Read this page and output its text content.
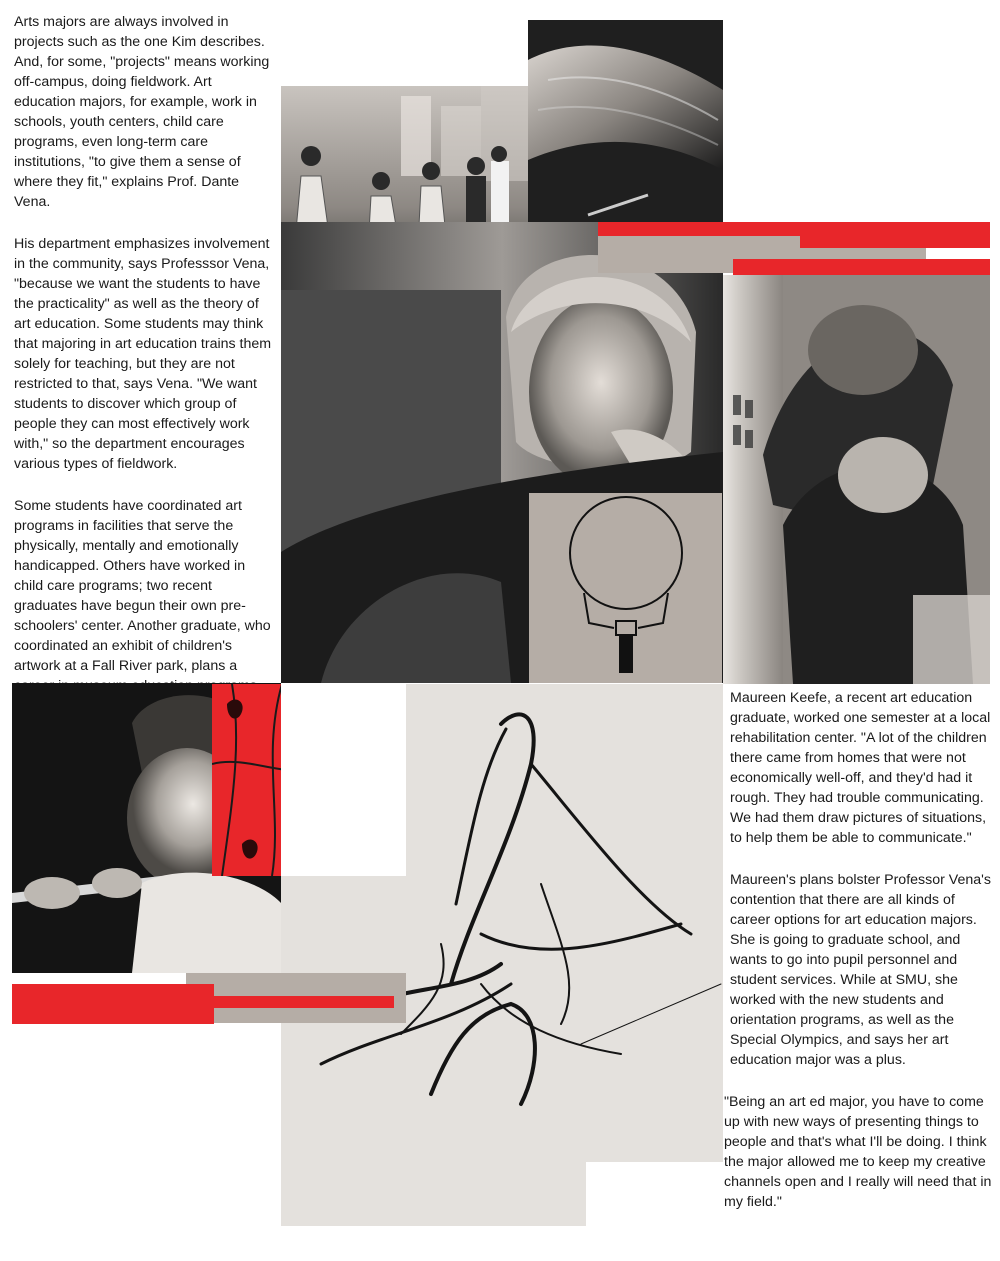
Arts majors are always involved in projects such as the one Kim describes. And, for some, "projects" means working off-campus, doing fieldwork. Art education majors, for example, work in schools, youth centers, child care programs, even long-term care institutions, "to give them a sense of where they fit," explains Prof. Dante Vena.

His department emphasizes involvement in the community, says Professsor Vena, "because we want the students to have the practicality" as well as the theory of art education. Some students may think that majoring in art education trains them solely for teaching, but they are not restricted to that, says Vena. "We want students to discover which group of people they can most effectively work with," so the department encourages various types of fieldwork.

Some students have coordinated art programs in facilities that serve the physically, mentally and emotionally handicapped. Others have worked in child care programs; two recent graduates have begun their own pre-schoolers' center. Another graduate, who coordinated an exhibit of children's artwork at a Fall River park, plans a

Maureen Keefe, a recent art education graduate, worked one semester at a local rehabilitation center. "A lot of the children there came from homes that were not economically well-off, and they'd had it rough. They had trouble communicating. We had them draw pictures of situations, to help them be able to communicate."

Maureen's plans bolster Professor Vena's contention that there are all kinds of career options for art education majors. She is going to graduate school, and wants to go into pupil personnel and student services. While at SMU, she worked with the new students and orientation programs, as well as the Special Olympics, and says her art education major was a plus.

"Being an art ed major, you have to come up with new ways of presenting things to people and that's what I'll be doing. I think the major allowed me to keep my creative channels open and I really will need that in my field."
